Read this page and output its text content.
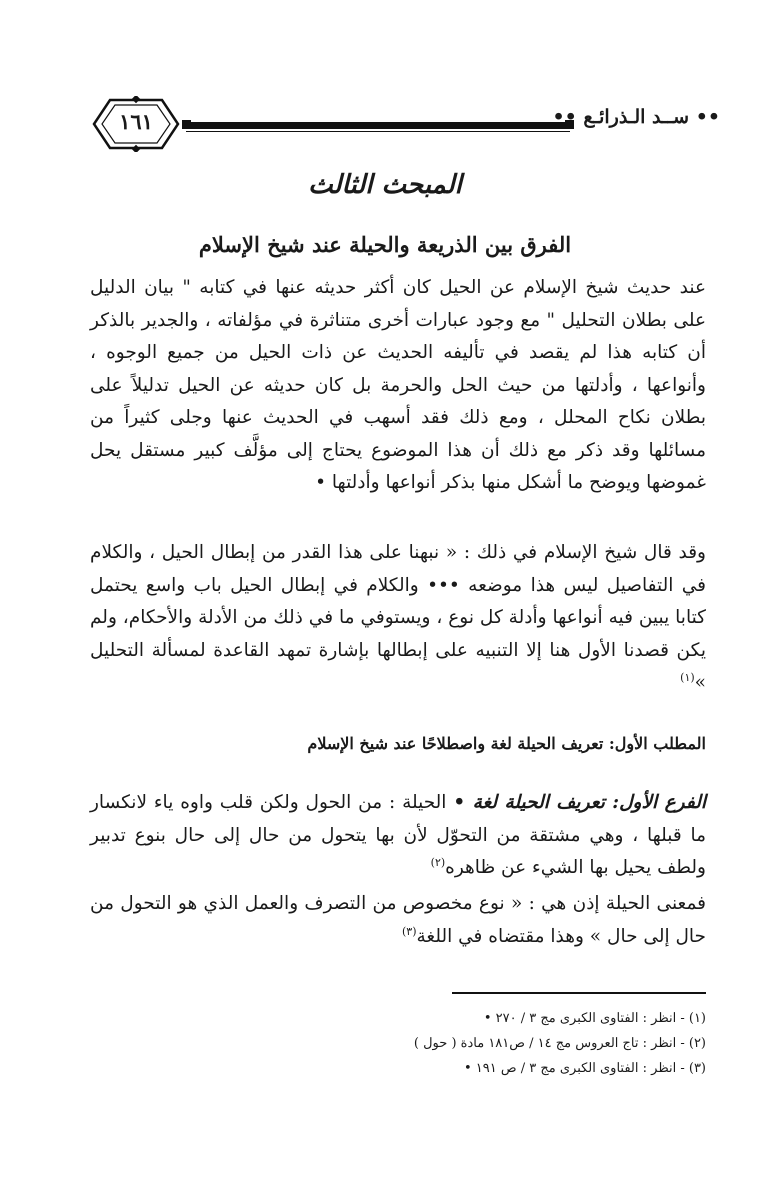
١٦١	•• ســد الـذرائـع ••
المبحث الثالث
الفرق بين الذريعة والحيلة عند شيخ الإسلام

عند حديث شيخ الإسلام عن الحيل كان أكثر حديثه عنها في كتابه " بيان الدليل على بطلان التحليل " مع وجود عبارات أخرى متناثرة في مؤلفاته ، والجدير بالذكر أن كتابه هذا لم يقصد في تأليفه الحديث عن ذات الحيل من جميع الوجوه ، وأنواعها ، وأدلتها من حيث الحل والحرمة بل كان حديثه عن الحيل تدليلاً على بطلان نكاح المحلل ، ومع ذلك فقد أسهب في الحديث عنها وجلى كثيراً من مسائلها وقد ذكر مع ذلك أن هذا الموضوع يحتاج إلى مؤلَّف كبير مستقل يحل غموضها ويوضح ما أشكل منها بذكر أنواعها وأدلتها •

وقد قال شيخ الإسلام في ذلك : « نبهنا على هذا القدر من إبطال الحيل ، والكلام في التفاصيل ليس هذا موضعه ••• والكلام في إبطال الحيل باب واسع يحتمل كتابا يبين فيه أنواعها وأدلة كل نوع ، ويستوفي ما في ذلك من الأدلة والأحكام، ولم يكن قصدنا الأول هنا إلا التنبيه على إبطالها بإشارة تمهد القاعدة لمسألة التحليل »$^{(١)}$

المطلب الأول: تعريف الحيلة لغة واصطلاحًا عند شيخ الإسلام

الفرع الأول: تعريف الحيلة لغة • الحيلة : من الحول ولكن قلب واوه ياء لانكسار ما قبلها ، وهي مشتقة من التحوّل لأن بها يتحول من حال إلى حال بنوع تدبير ولطف يحيل بها الشيء عن ظاهره$^{(٢)}$

فمعنى الحيلة إذن هي : « نوع مخصوص من التصرف والعمل الذي هو التحول من حال إلى حال » وهذا مقتضاه في اللغة$^{(٣)}$

(١) - انظر : الفتاوى الكبرى مج ٣ / ٢٧٠ •
(٢) - انظر : تاج العروس مج ١٤ / ص١٨١ مادة ( حول )
(٣) - انظر : الفتاوى الكبرى مج ٣ / ص ١٩١ •
